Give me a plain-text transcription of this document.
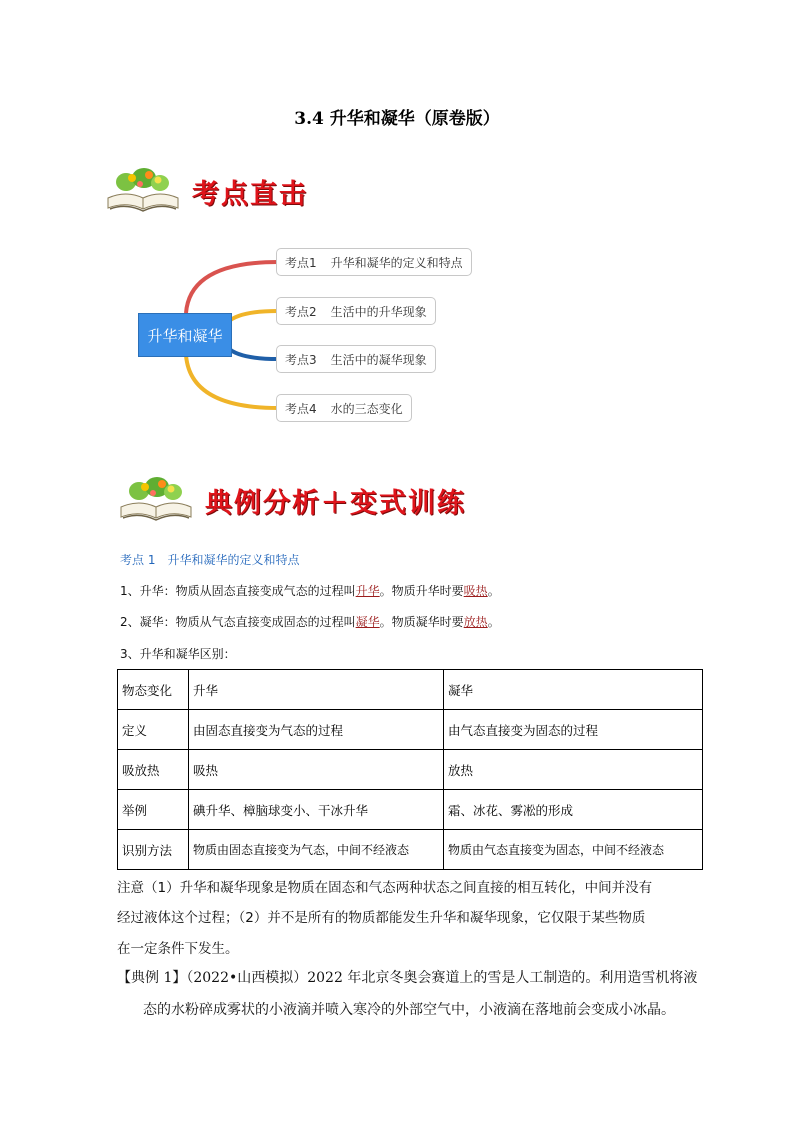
3.4 升华和凝华（原卷版）
考点直击
升华和凝华
考点1 升华和凝华的定义和特点
考点2 生活中的升华现象
考点3 生活中的凝华现象
考点4 水的三态变化
典例分析＋变式训练
考点 1 升华和凝华的定义和特点
1、升华：物质从固态直接变成气态的过程叫升华。物质升华时要吸热。
2、凝华：物质从气态直接变成固态的过程叫凝华。物质凝华时要放热。
3、升华和凝华区别：
物态变化	升华	凝华
定义	由固态直接变为气态的过程	由气态直接变为固态的过程
吸放热	吸热	放热
举例	碘升华、樟脑球变小、干冰升华	霜、冰花、雾凇的形成
识别方法	物质由固态直接变为气态，中间不经液态	物质由气态直接变为固态，中间不经液态
注意（1）升华和凝华现象是物质在固态和气态两种状态之间直接的相互转化，中间并没有
经过液体这个过程；（2）并不是所有的物质都能发生升华和凝华现象，它仅限于某些物质
在一定条件下发生。
【典例 1】（2022•山西模拟）2022 年北京冬奥会赛道上的雪是人工制造的。利用造雪机将液
态的水粉碎成雾状的小液滴并喷入寒冷的外部空气中，小液滴在落地前会变成小冰晶。
